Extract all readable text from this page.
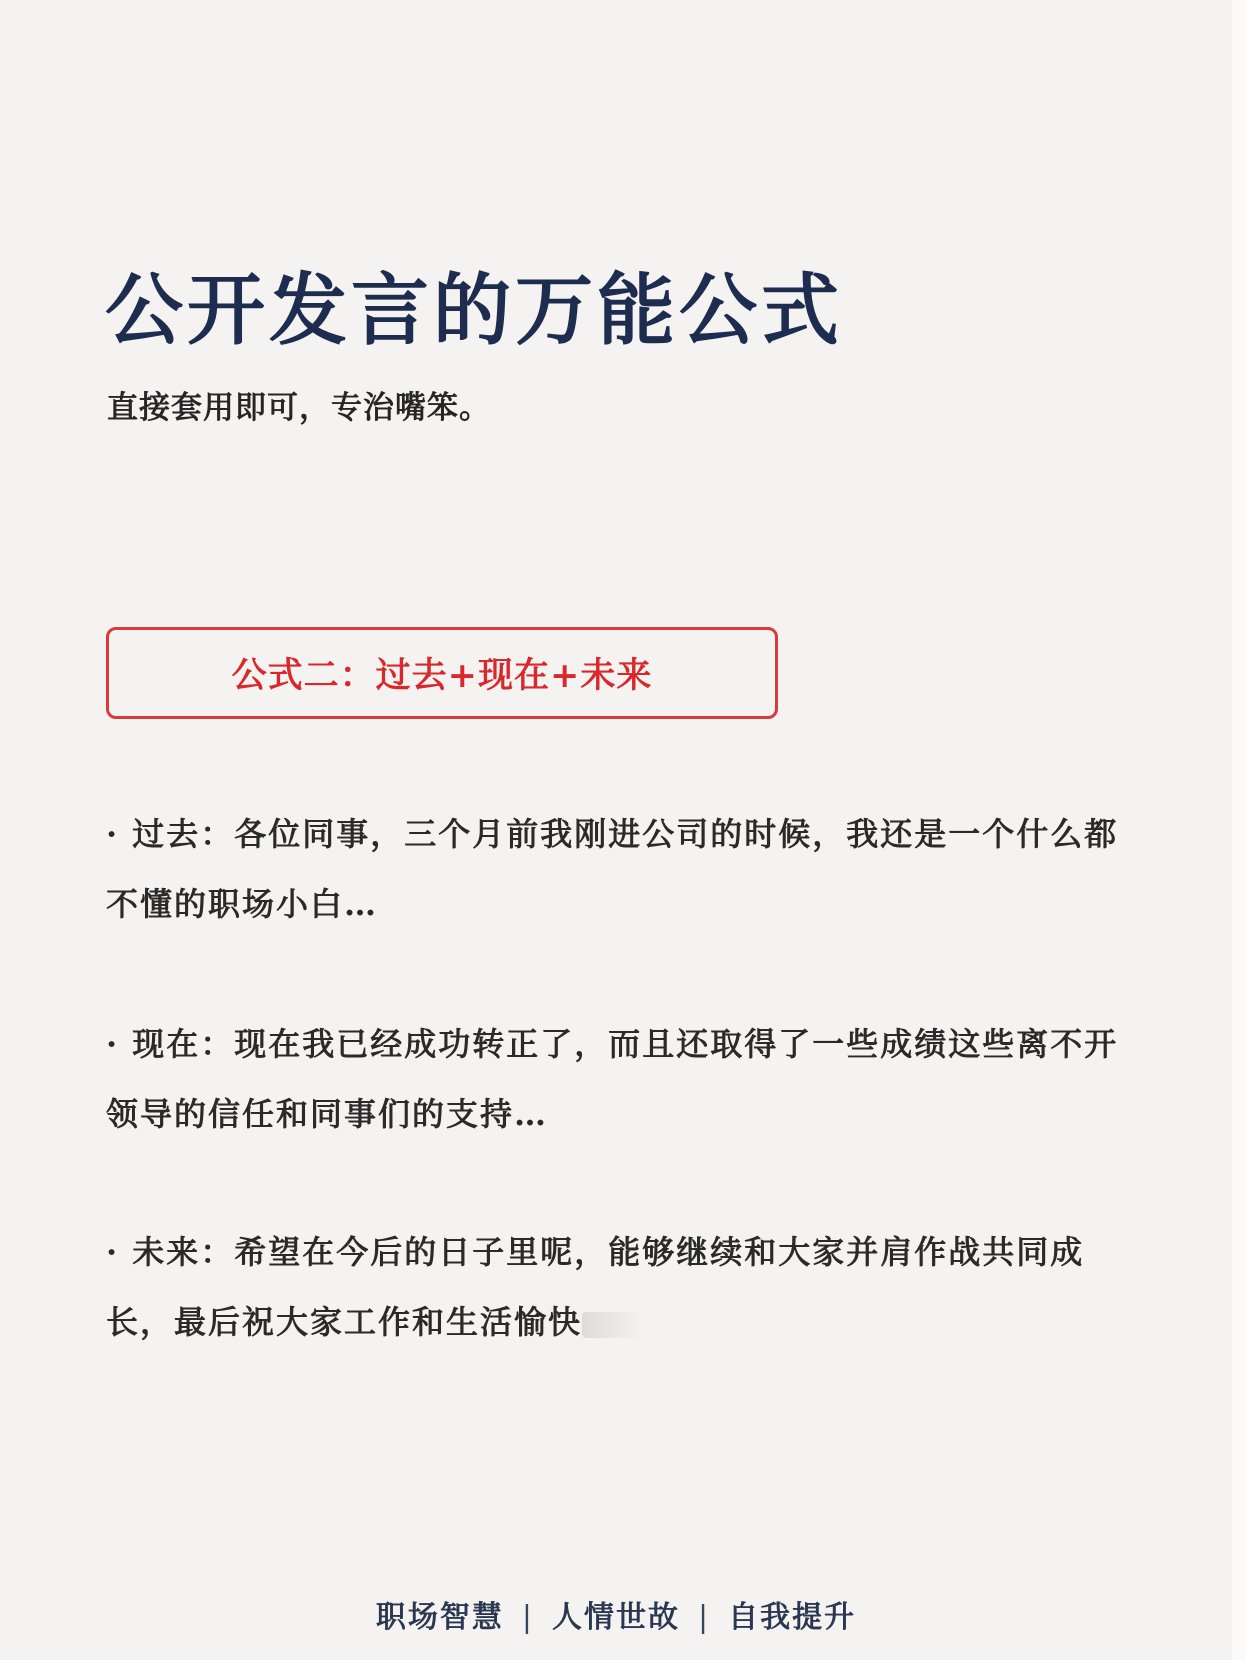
公开发言的万能公式

直接套用即可，专治嘴笨。

公式二：过去+现在+未来

· 过去：各位同事，三个月前我刚进公司的时候，我还是一个什么都不懂的职场小白…

· 现在：现在我已经成功转正了，而且还取得了一些成绩这些离不开领导的信任和同事们的支持…

· 未来：希望在今后的日子里呢，能够继续和大家并肩作战共同成长，最后祝大家工作和生活愉快

职场智慧 | 人情世故 | 自我提升
